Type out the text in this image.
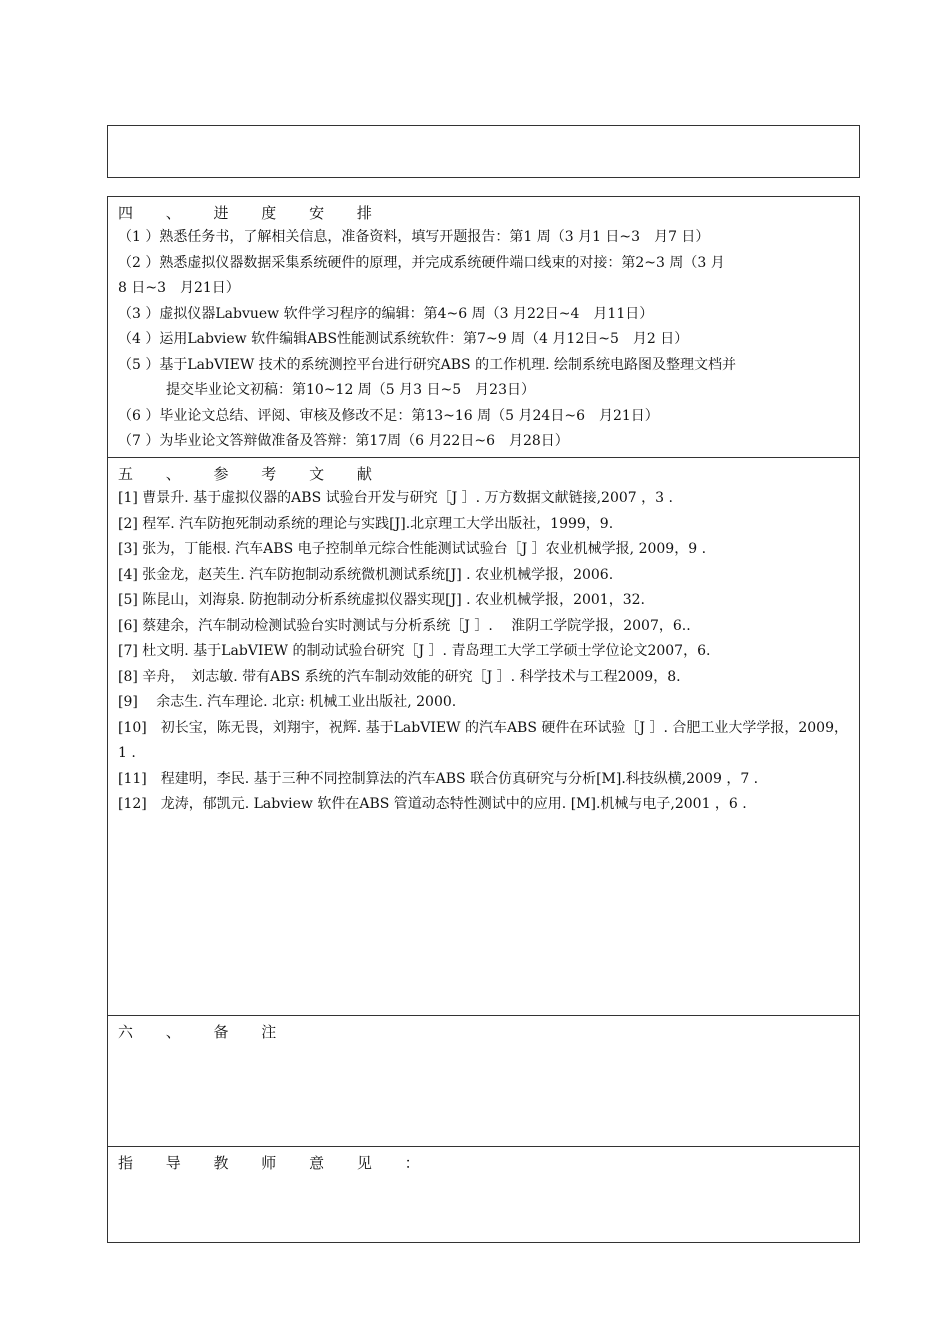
四 、 进 度 安 排
（1 ）熟悉任务书，了解相关信息，准备资料，填写开题报告：第1 周（3 月1 日~3　月7 日）
（2 ）熟悉虚拟仪器数据采集系统硬件的原理，并完成系统硬件端口线束的对接：第2~3 周（3 月
8 日~3　月21日）
（3 ）虚拟仪器Labvuew 软件学习程序的编辑：第4~6 周（3 月22日~4　月11日）
（4 ）运用Labview 软件编辑ABS性能测试系统软件：第7~9 周（4 月12日~5　月2 日）
（5 ）基于LabVIEW 技术的系统测控平台进行研究ABS 的工作机理. 绘制系统电路图及整理文档并
提交毕业论文初稿：第10~12 周（5 月3 日~5　月23日）
（6 ）毕业论文总结、评阅、审核及修改不足：第13~16 周（5 月24日~6　月21日）
（7 ）为毕业论文答辩做准备及答辩：第17周（6 月22日~6　月28日）
五 、 参 考 文 献
[1] 曹景升. 基于虚拟仪器的ABS 试验台开发与研究［J ］. 万方数据文献链接,2007 ，3 .
[2] 程军. 汽车防抱死制动系统的理论与实践[J].北京理工大学出版社，1999，9.
[3] 张为，丁能根. 汽车ABS 电子控制单元综合性能测试试验台［J ］农业机械学报, 2009，9 .
[4] 张金龙，赵芙生. 汽车防抱制动系统微机测试系统[J] . 农业机械学报，2006.
[5] 陈昆山，刘海泉. 防抱制动分析系统虚拟仪器实现[J] . 农业机械学报，2001，32.
[6] 蔡建余，汽车制动检测试验台实时测试与分析系统［J ］.　 淮阴工学院学报，2007，6..
[7] 杜文明. 基于LabVIEW 的制动试验台研究［J ］. 青岛理工大学工学硕士学位论文2007，6.
[8] 辛舟，　刘志敏. 带有ABS 系统的汽车制动效能的研究［J ］. 科学技术与工程2009，8.
[9]　 余志生. 汽车理论. 北京: 机械工业出版社, 2000.
[10]　初长宝，陈无畏，刘翔宇，祝辉. 基于LabVIEW 的汽车ABS 硬件在环试验［J ］. 合肥工业大学学报，2009，1 .
[11]　程建明，李民. 基于三种不同控制算法的汽车ABS 联合仿真研究与分析[M].科技纵横,2009 ，7 .
[12]　龙涛，郁凯元. Labview 软件在ABS 管道动态特性测试中的应用. [M].机械与电子,2001 ，6 .
六 、 备 注
指 导 教 师 意 见 ：
